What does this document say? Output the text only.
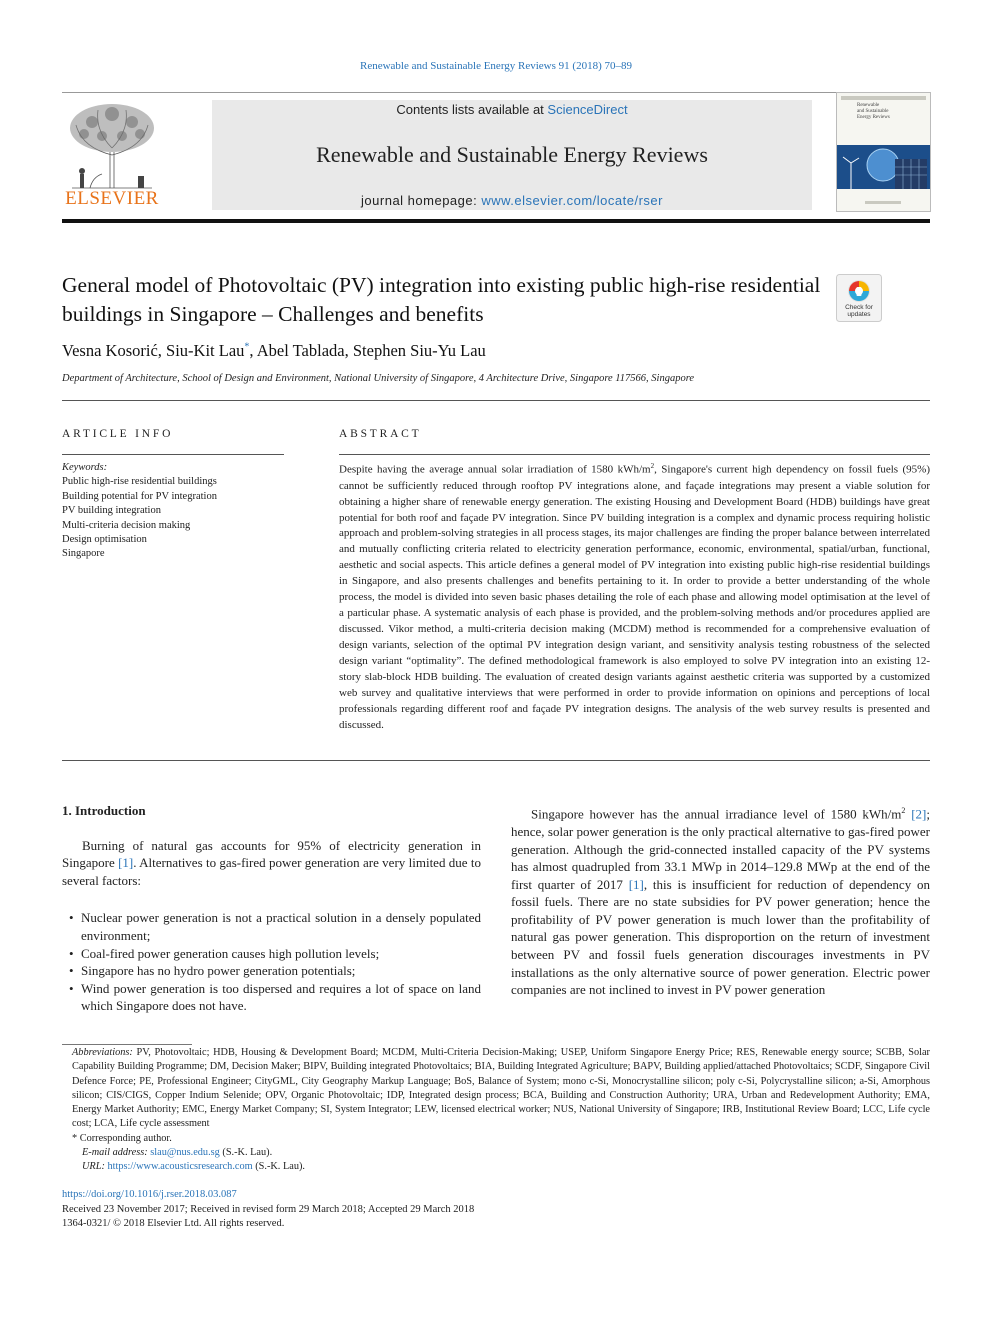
Renewable and Sustainable Energy Reviews 91 (2018) 70–89
ELSEVIER
Contents lists available at ScienceDirect
Renewable and Sustainable Energy Reviews
journal homepage: www.elsevier.com/locate/rser
Renewable
and Sustainable
Energy Reviews
General model of Photovoltaic (PV) integration into existing public high-rise residential buildings in Singapore – Challenges and benefits	Check for
updates
Vesna Kosorić, Siu-Kit Lau*, Abel Tablada, Stephen Siu-Yu Lau
Department of Architecture, School of Design and Environment, National University of Singapore, 4 Architecture Drive, Singapore 117566, Singapore
ARTICLE INFO
Keywords:
Public high-rise residential buildings
Building potential for PV integration
PV building integration
Multi-criteria decision making
Design optimisation
Singapore
ABSTRACT
Despite having the average annual solar irradiation of 1580 kWh/$m^2$, Singapore's current high dependency on fossil fuels (95%) cannot be sufficiently reduced through rooftop PV integrations alone, and façade integrations may present a viable solution for obtaining a higher share of renewable energy generation. The existing Housing and Development Board (HDB) buildings have great potential for both roof and façade PV integration. Since PV building integration is a complex and dynamic process requiring holistic approach and problem-solving strategies in all process stages, its major challenges are finding the proper balance between interrelated and mutually conflicting criteria related to electricity generation performance, economic, environmental, spatial/urban, functional, aesthetic and social aspects. This article defines a general model of PV integration into existing public high-rise residential buildings in Singapore, and also presents challenges and benefits pertaining to it. In order to provide a better understanding of the whole process, the model is divided into seven basic phases detailing the role of each phase and allowing model optimisation at the level of a particular phase. A systematic analysis of each phase is provided, and the problem-solving methods and/or procedures applied are discussed. Vikor method, a multi-criteria decision making (MCDM) method is recommended for a comprehensive evaluation of design variants, selection of the optimal PV integration design variant, and sensitivity analysis testing robustness of the selected design variant “optimality”. The defined methodological framework is also employed to solve PV integration into an existing 12-story slab-block HDB building. The evaluation of created design variants against aesthetic criteria was supported by a customized web survey and qualitative interviews that were performed in order to provide information on opinions and perceptions of local professionals regarding different roof and façade PV integration designs. The analysis of the web survey results is presented and discussed.
1. Introduction

Burning of natural gas accounts for 95% of electricity generation in Singapore [1]. Alternatives to gas-fired power generation are very limited due to several factors:

• Nuclear power generation is not a practical solution in a densely populated environment;
• Coal-fired power generation causes high pollution levels;
• Singapore has no hydro power generation potentials;
• Wind power generation is too dispersed and requires a lot of space on land which Singapore does not have.

Singapore however has the annual irradiance level of 1580 kWh/$m^2$ [2]; hence, solar power generation is the only practical alternative to gas-fired power generation. Although the grid-connected installed capacity of the PV systems has almost quadrupled from 33.1 MWp in 2014–129.8 MWp at the end of the first quarter of 2017 [1], this is insufficient for reduction of dependency on fossil fuels. There are no state subsidies for PV power generation; hence the profitability of PV power generation is much lower than the profitability of natural gas power generation. This disproportion on the return of investment between PV and fossil fuels generation discourages investments in PV installations as the only alternative source of power generation. Electric power companies are not inclined to invest in PV power generation

Abbreviations: PV, Photovoltaic; HDB, Housing & Development Board; MCDM, Multi-Criteria Decision-Making; USEP, Uniform Singapore Energy Price; RES, Renewable energy source; SCBB, Solar Capability Building Programme; DM, Decision Maker; BIPV, Building integrated Photovoltaics; BIA, Building Integrated Agriculture; BAPV, Building applied/attached Photovoltaics; SCDF, Singapore Civil Defence Force; PE, Professional Engineer; CityGML, City Geography Markup Language; BoS, Balance of System; mono c-Si, Monocrystalline silicon; poly c-Si, Polycrystalline silicon; a-Si, Amorphous silicon; CIS/CIGS, Copper Indium Selenide; OPV, Organic Photovoltaic; IDP, Integrated design process; BCA, Building and Construction Authority; URA, Urban and Redevelopment Authority; EMA, Energy Market Authority; EMC, Energy Market Company; SI, System Integrator; LEW, licensed electrical worker; NUS, National University of Singapore; IRB, Institutional Review Board; LCC, Life cycle cost; LCA, Life cycle assessment
* Corresponding author.
E-mail address: slau@nus.edu.sg (S.-K. Lau).
URL: https://www.acousticsresearch.com (S.-K. Lau).
https://doi.org/10.1016/j.rser.2018.03.087
Received 23 November 2017; Received in revised form 29 March 2018; Accepted 29 March 2018
1364-0321/ © 2018 Elsevier Ltd. All rights reserved.
